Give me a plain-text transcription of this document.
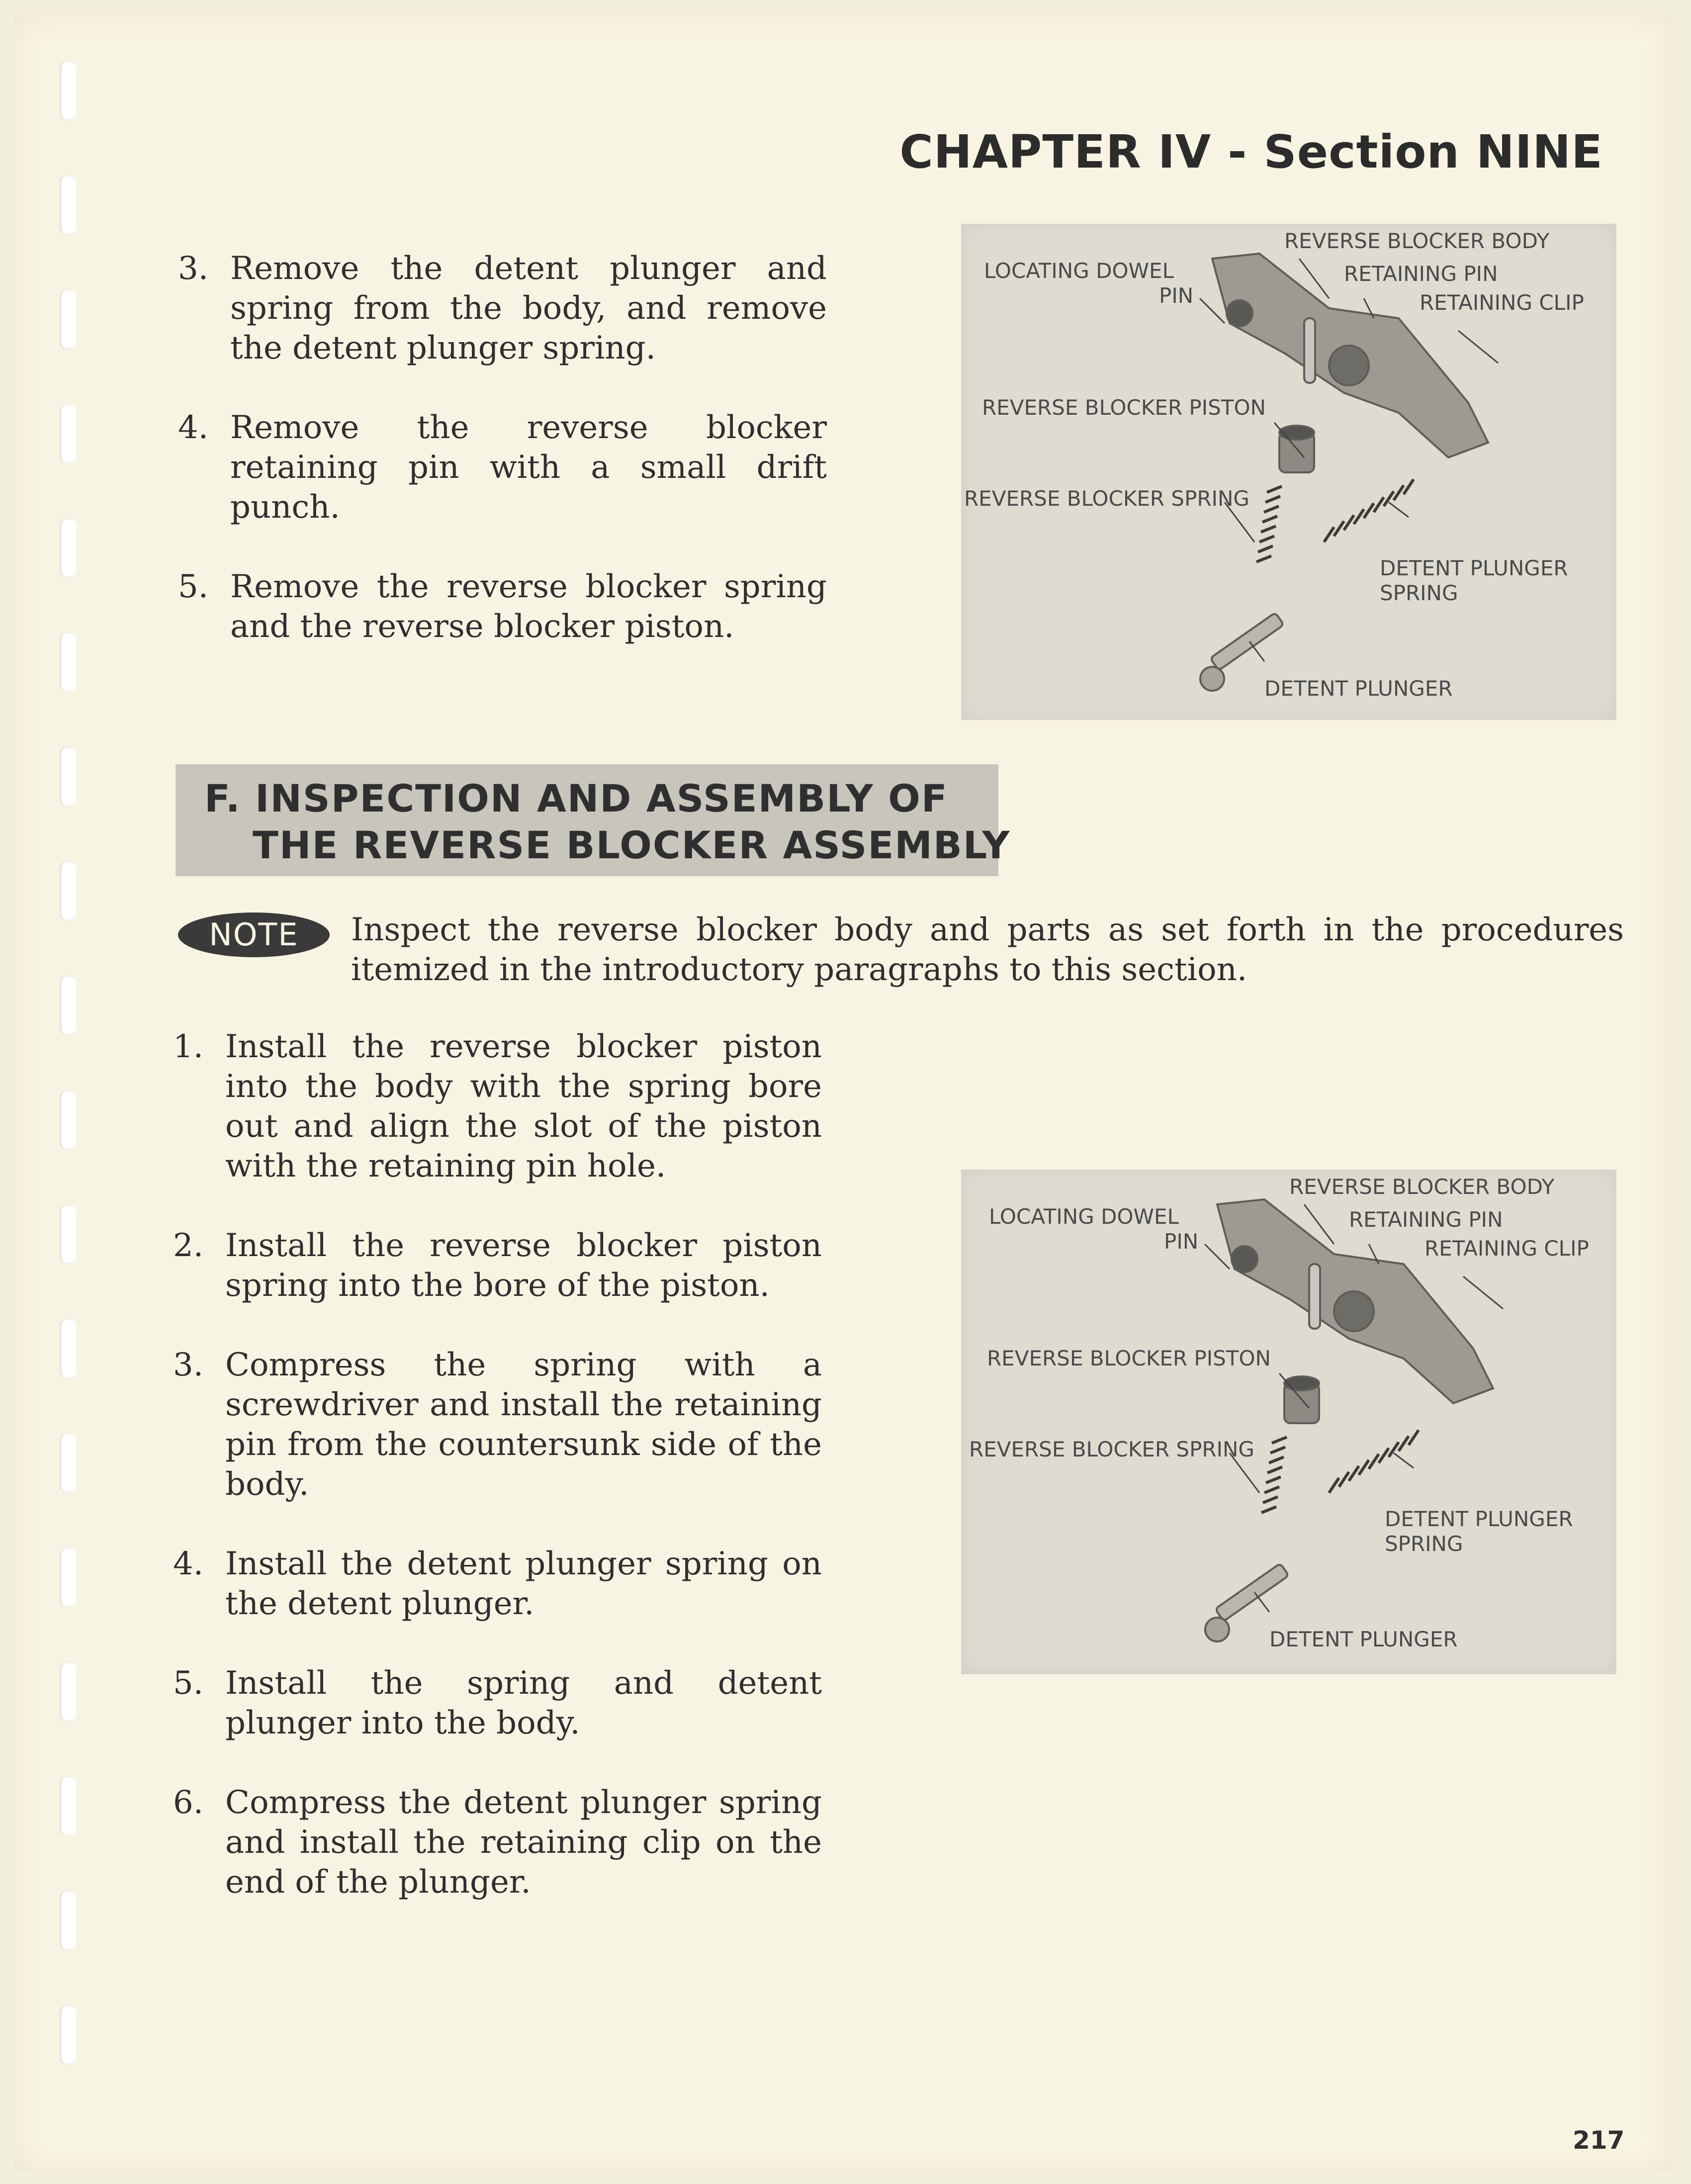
CHAPTER IV - Section NINE
3. Remove the detent plunger and spring from the body, and remove the detent plunger spring.
4. Remove the reverse blocker retaining pin with a small drift punch.
5. Remove the reverse blocker spring and the reverse blocker piston.
LOCATING DOWEL
PIN
REVERSE BLOCKER BODY
RETAINING PIN
RETAINING CLIP
REVERSE BLOCKER PISTON
REVERSE BLOCKER SPRING
DETENT PLUNGER
SPRING
DETENT PLUNGER
F. INSPECTION AND ASSEMBLY OF
THE REVERSE BLOCKER ASSEMBLY
NOTE	Inspect the reverse blocker body and parts as set forth in the procedures itemized in the introductory paragraphs to this section.

1. Install the reverse blocker piston into the body with the spring bore out and align the slot of the piston with the retaining pin hole.
2. Install the reverse blocker piston spring into the bore of the piston.
3. Compress the spring with a screwdriver and install the retaining pin from the countersunk side of the body.
4. Install the detent plunger spring on the detent plunger.
5. Install the spring and detent plunger into the body.
6. Compress the detent plunger spring and install the retaining clip on the end of the plunger.
LOCATING DOWEL
PIN
REVERSE BLOCKER BODY
RETAINING PIN
RETAINING CLIP
REVERSE BLOCKER PISTON
REVERSE BLOCKER SPRING
DETENT PLUNGER
SPRING
DETENT PLUNGER
217
